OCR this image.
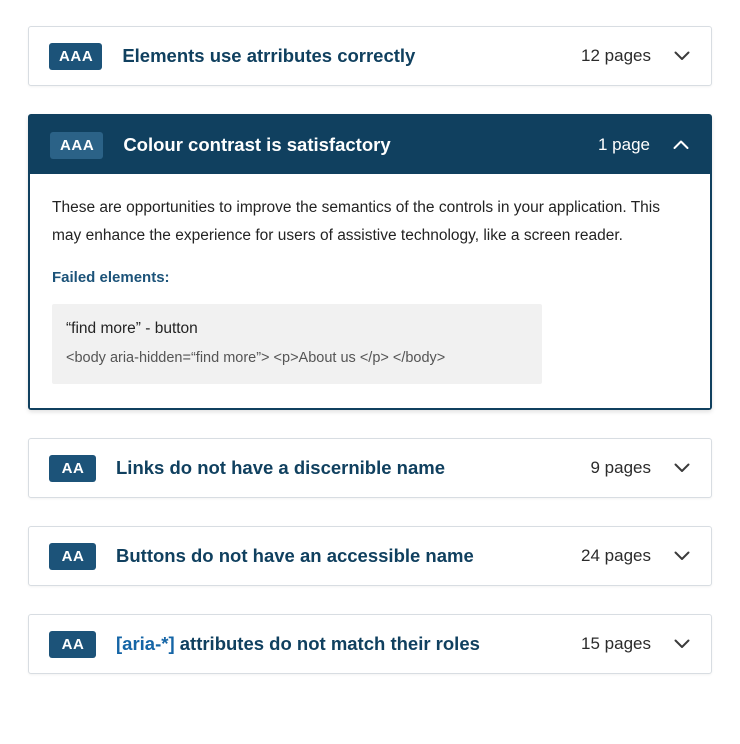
AAA	Elements use atrributes correctly	12 pages
AAA	Colour contrast is satisfactory	1 page

These are opportunities to improve the semantics of the controls in your application. This may enhance the experience for users of assistive technology, like a screen reader.

Failed elements:

“find more” - button
<body aria-hidden=“find more”> <p>About us </p> </body>
AA	Links do not have a discernible name	9 pages
AA	Buttons do not have an accessible name	24 pages
AA	[aria-*] attributes do not match their roles	15 pages
